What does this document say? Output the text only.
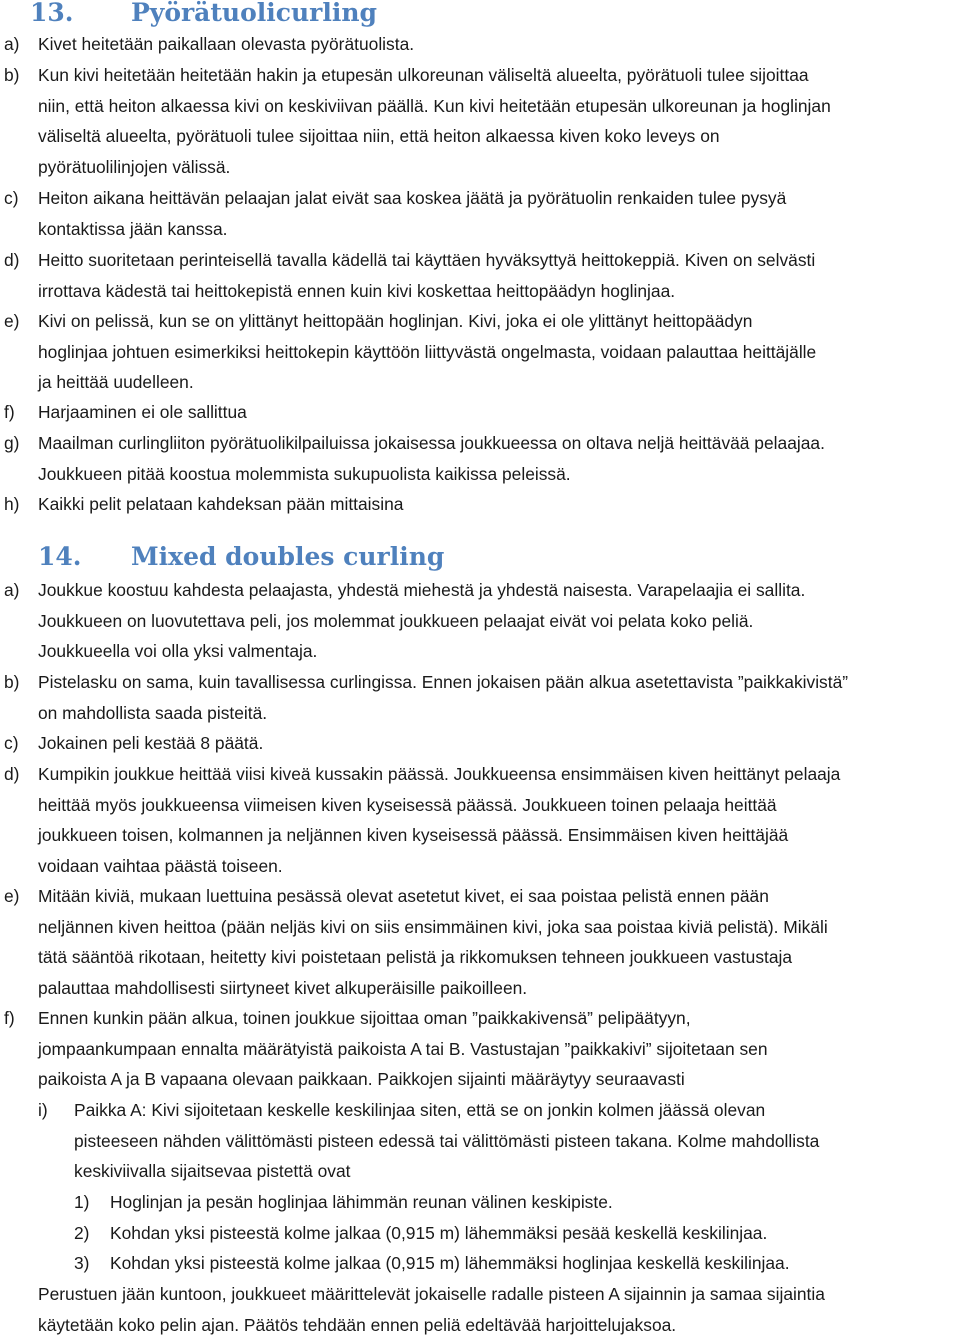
13. Pyörätuolicurling
a) Kivet heitetään paikallaan olevasta pyörätuolista.
b) Kun kivi heitetään heitetään hakin ja etupesän ulkoreunan väliseltä alueelta, pyörätuoli tulee sijoittaa
niin, että heiton alkaessa kivi on keskiviivan päällä. Kun kivi heitetään etupesän ulkoreunan ja hoglinjan
väliseltä alueelta, pyörätuoli tulee sijoittaa niin, että heiton alkaessa kiven koko leveys on
pyörätuolilinjojen välissä.
c) Heiton aikana heittävän pelaajan jalat eivät saa koskea jäätä ja pyörätuolin renkaiden tulee pysyä
kontaktissa jään kanssa.
d) Heitto suoritetaan perinteisellä tavalla kädellä tai käyttäen hyväksyttyä heittokeppiä. Kiven on selvästi
irrottava kädestä tai heittokepistä ennen kuin kivi koskettaa heittopäädyn hoglinjaa.
e) Kivi on pelissä, kun se on ylittänyt heittopään hoglinjan. Kivi, joka ei ole ylittänyt heittopäädyn
hoglinjaa johtuen esimerkiksi heittokepin käyttöön liittyvästä ongelmasta, voidaan palauttaa heittäjälle
ja heittää uudelleen.
f) Harjaaminen ei ole sallittua
g) Maailman curlingliiton pyörätuolikilpailuissa jokaisessa joukkueessa on oltava neljä heittävää pelaajaa.
Joukkueen pitää koostua molemmista sukupuolista kaikissa peleissä.
h) Kaikki pelit pelataan kahdeksan pään mittaisina
14. Mixed doubles curling
a) Joukkue koostuu kahdesta pelaajasta, yhdestä miehestä ja yhdestä naisesta. Varapelaajia ei sallita.
Joukkueen on luovutettava peli, jos molemmat joukkueen pelaajat eivät voi pelata koko peliä.
Joukkueella voi olla yksi valmentaja.
b) Pistelasku on sama, kuin tavallisessa curlingissa. Ennen jokaisen pään alkua asetettavista ”paikkakivistä”
on mahdollista saada pisteitä.
c) Jokainen peli kestää 8 päätä.
d) Kumpikin joukkue heittää viisi kiveä kussakin päässä. Joukkueensa ensimmäisen kiven heittänyt pelaaja
heittää myös joukkueensa viimeisen kiven kyseisessä päässä. Joukkueen toinen pelaaja heittää
joukkueen toisen, kolmannen ja neljännen kiven kyseisessä päässä. Ensimmäisen kiven heittäjää
voidaan vaihtaa päästä toiseen.
e) Mitään kiviä, mukaan luettuina pesässä olevat asetetut kivet, ei saa poistaa pelistä ennen pään
neljännen kiven heittoa (pään neljäs kivi on siis ensimmäinen kivi, joka saa poistaa kiviä pelistä). Mikäli
tätä sääntöä rikotaan, heitetty kivi poistetaan pelistä ja rikkomuksen tehneen joukkueen vastustaja
palauttaa mahdollisesti siirtyneet kivet alkuperäisille paikoilleen.
f) Ennen kunkin pään alkua, toinen joukkue sijoittaa oman ”paikkakivensä” pelipäätyyn,
jompaankumpaan ennalta määrätyistä paikoista A tai B. Vastustajan ”paikkakivi” sijoitetaan sen
paikoista A ja B vapaana olevaan paikkaan. Paikkojen sijainti määräytyy seuraavasti
i) Paikka A: Kivi sijoitetaan keskelle keskilinjaa siten, että se on jonkin kolmen jäässä olevan
pisteeseen nähden välittömästi pisteen edessä tai välittömästi pisteen takana. Kolme mahdollista
keskiviivalla sijaitsevaa pistettä ovat
1) Hoglinjan ja pesän hoglinjaa lähimmän reunan välinen keskipiste.
2) Kohdan yksi pisteestä kolme jalkaa (0,915 m) lähemmäksi pesää keskellä keskilinjaa.
3) Kohdan yksi pisteestä kolme jalkaa (0,915 m) lähemmäksi hoglinjaa keskellä keskilinjaa.
Perustuen jään kuntoon, joukkueet määrittelevät jokaiselle radalle pisteen A sijainnin ja samaa sijaintia
käytetään koko pelin ajan. Päätös tehdään ennen peliä edeltävää harjoittelujaksoa.
